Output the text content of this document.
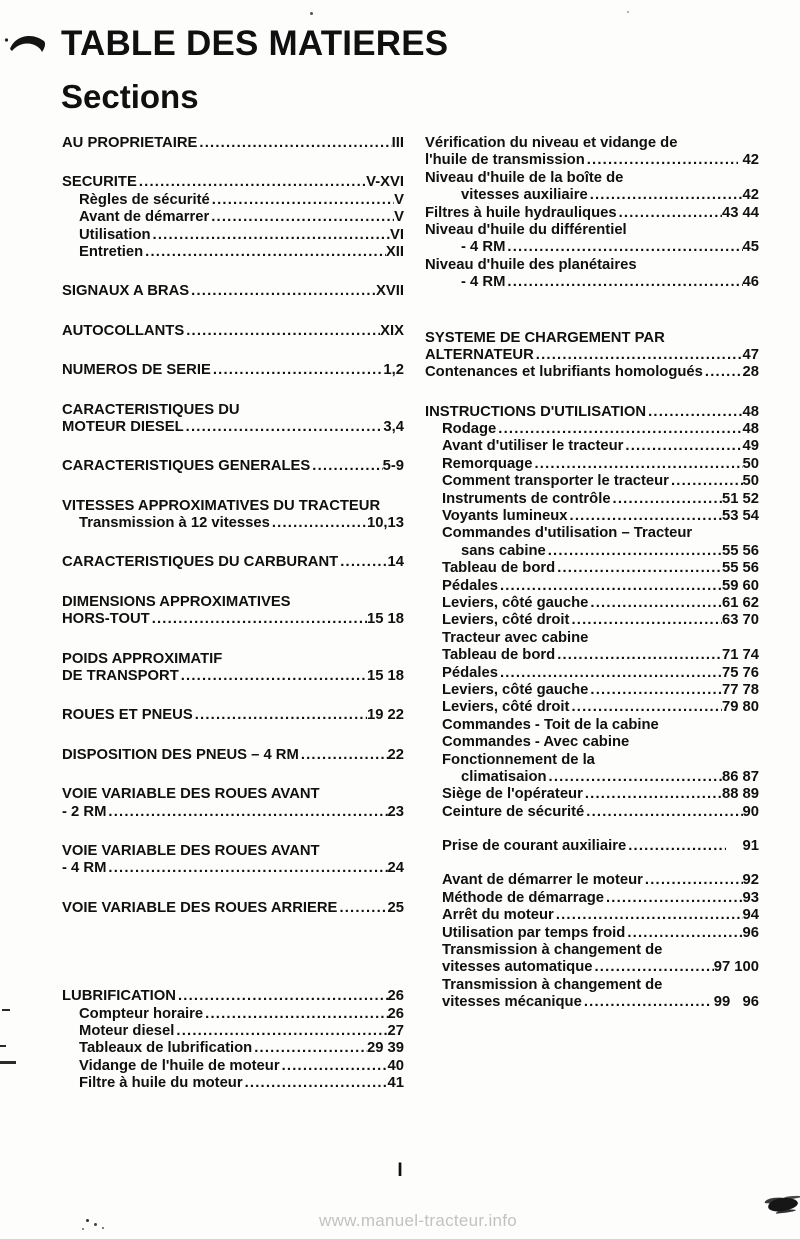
TABLE DES MATIERES
Sections
AU PROPRIETAIRE .....	III
SECURITE .....	V-XVI
Règles de sécurité .....	V
Avant de démarrer .....	V
Utilisation .....	VI
Entretien .....	XII
SIGNAUX A BRAS .....	XVII
AUTOCOLLANTS .....	XIX
NUMEROS DE SERIE .....	1,2
CARACTERISTIQUES DU
MOTEUR DIESEL .....	3,4
CARACTERISTIQUES GENERALES .....	5-9
VITESSES APPROXIMATIVES DU TRACTEUR
Transmission à 12 vitesses .....	10,13
CARACTERISTIQUES DU CARBURANT .....	14
DIMENSIONS APPROXIMATIVES
HORS-TOUT .....	15 18
POIDS APPROXIMATIF
DE TRANSPORT .....	15 18
ROUES ET PNEUS .....	19 22
DISPOSITION DES PNEUS – 4 RM .....	22
VOIE VARIABLE DES ROUES AVANT
- 2 RM .....	23
VOIE VARIABLE DES ROUES AVANT
- 4 RM .....	24
VOIE VARIABLE DES ROUES ARRIERE .....	25
LUBRIFICATION .....	26
Compteur horaire .....	26
Moteur diesel .....	27
Tableaux de lubrification .....	29 39
Vidange de l'huile de moteur .....	40
Filtre à huile du moteur .....	41
Vérification du niveau et vidange de
l'huile de transmission .....	42
Niveau d'huile de la boîte de
vitesses auxiliaire .....	42
Filtres à huile hydrauliques .....	43 44
Niveau d'huile du différentiel
- 4 RM .....	45
Niveau d'huile des planétaires
- 4 RM .....	46
SYSTEME DE CHARGEMENT PAR
ALTERNATEUR .....	47
Contenances et lubrifiants homologués .....	28
INSTRUCTIONS D'UTILISATION .....	48
Rodage .....	48
Avant d'utiliser le tracteur .....	49
Remorquage .....	50
Comment transporter le tracteur .....	50
Instruments de contrôle .....	51 52
Voyants lumineux .....	53 54
Commandes d'utilisation – Tracteur
sans cabine .....	55 56
Tableau de bord .....	55 56
Pédales .....	59 60
Leviers, côté gauche .....	61 62
Leviers, côté droit .....	63 70
Tracteur avec cabine
Tableau de bord .....	71 74
Pédales .....	75 76
Leviers, côté gauche .....	77 78
Leviers, côté droit .....	79 80
Commandes - Toit de la cabine
Commandes - Avec cabine
Fonctionnement de la
climatisaion .....	86 87
Siège de l'opérateur .....	88 89
Ceinture de sécurité .....	90
Prise de courant auxiliaire .....	91
Avant de démarrer le moteur .....	92
Méthode de démarrage .....	93
Arrêt du moteur .....	94
Utilisation par temps froid .....	96
Transmission à changement de
vitesses automatique .....	97 100
Transmission à changement de
vitesses mécanique .....	99   96
I
www.manuel-tracteur.info
